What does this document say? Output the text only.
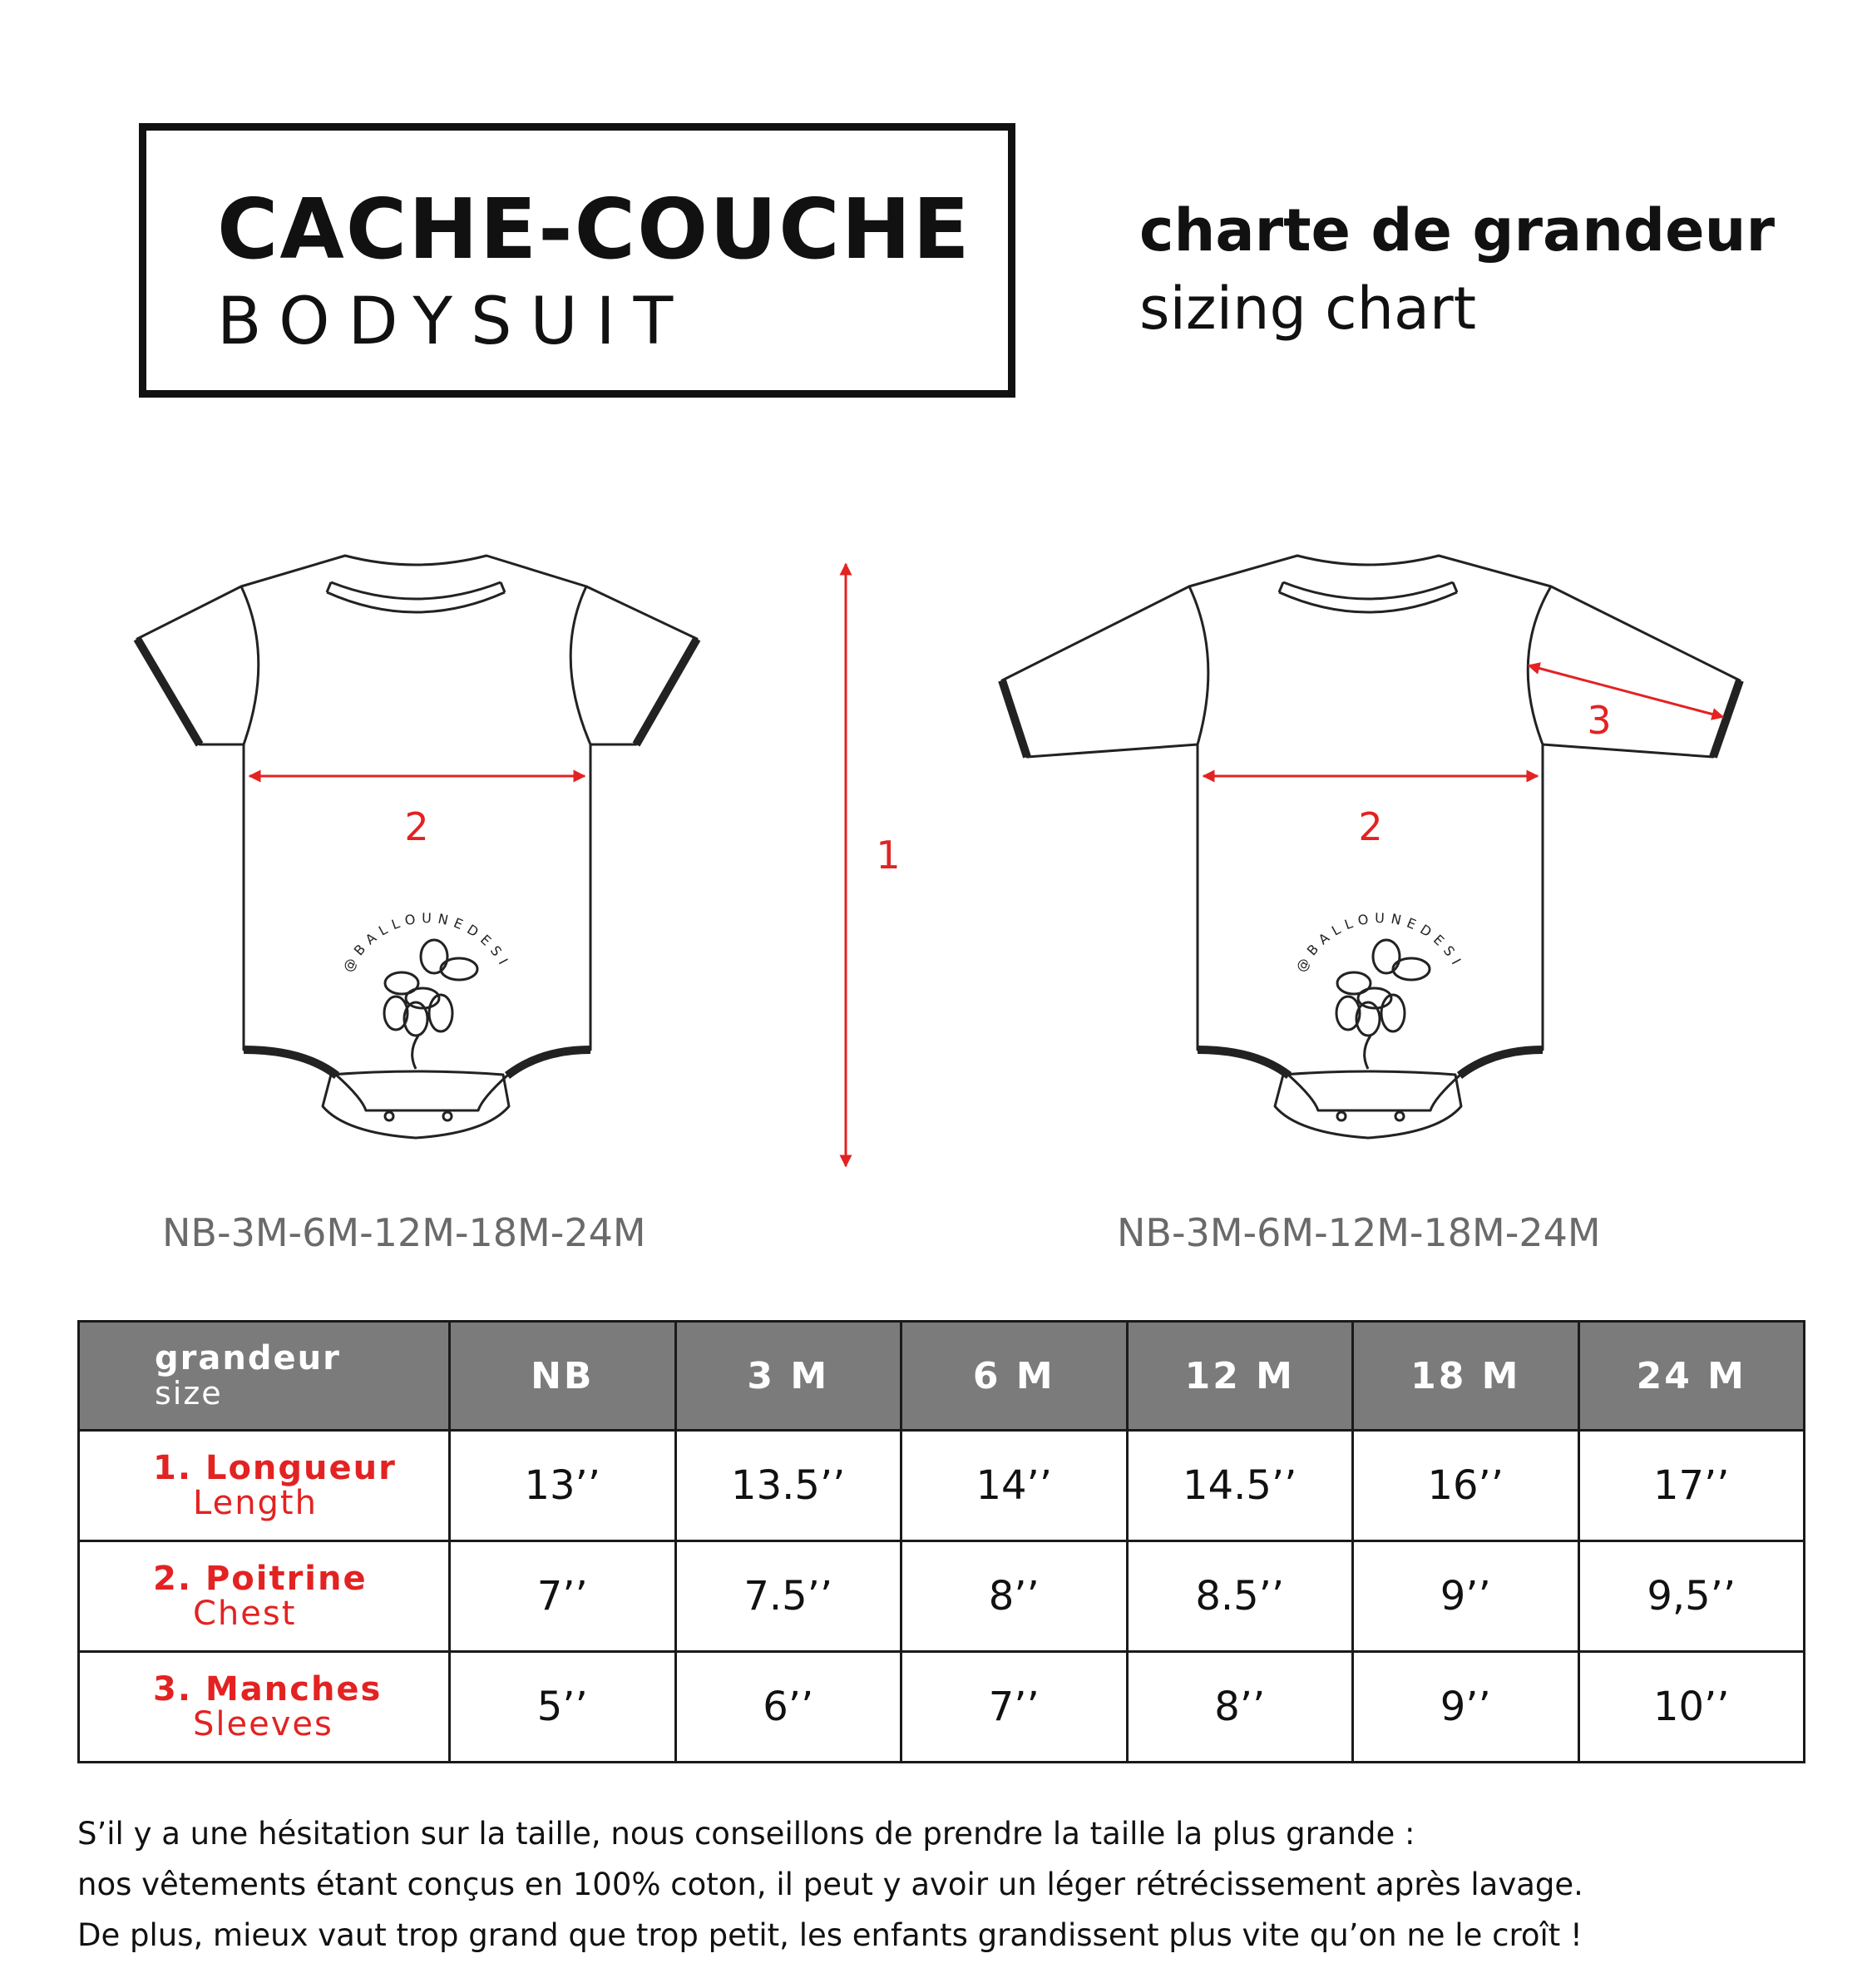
CACHE-COUCHE
BODYSUIT
charte de grandeur
sizing chart
@BALLOUNEDESI
2
1
@BALLOUNEDESI
2
3
NB-3M-6M-12M-18M-24M	NB-3M-6M-12M-18M-24M
grandeur
size	NB	3 M	6 M	12 M	18 M	24 M

1. Longueur
Length	13’’	13.5’’	14’’	14.5’’	16’’	17’’

2. Poitrine
Chest	7’’	7.5’’	8’’	8.5’’	9’’	9,5’’

3. Manches
Sleeves	5’’	6’’	7’’	8’’	9’’	10’’

S’il y a une hésitation sur la taille, nous conseillons de prendre la taille la plus grande :

nos vêtements étant conçus en 100% coton, il peut y avoir un léger rétrécissement après lavage.

De plus, mieux vaut trop grand que trop petit, les enfants grandissent plus vite qu’on ne le croît !
